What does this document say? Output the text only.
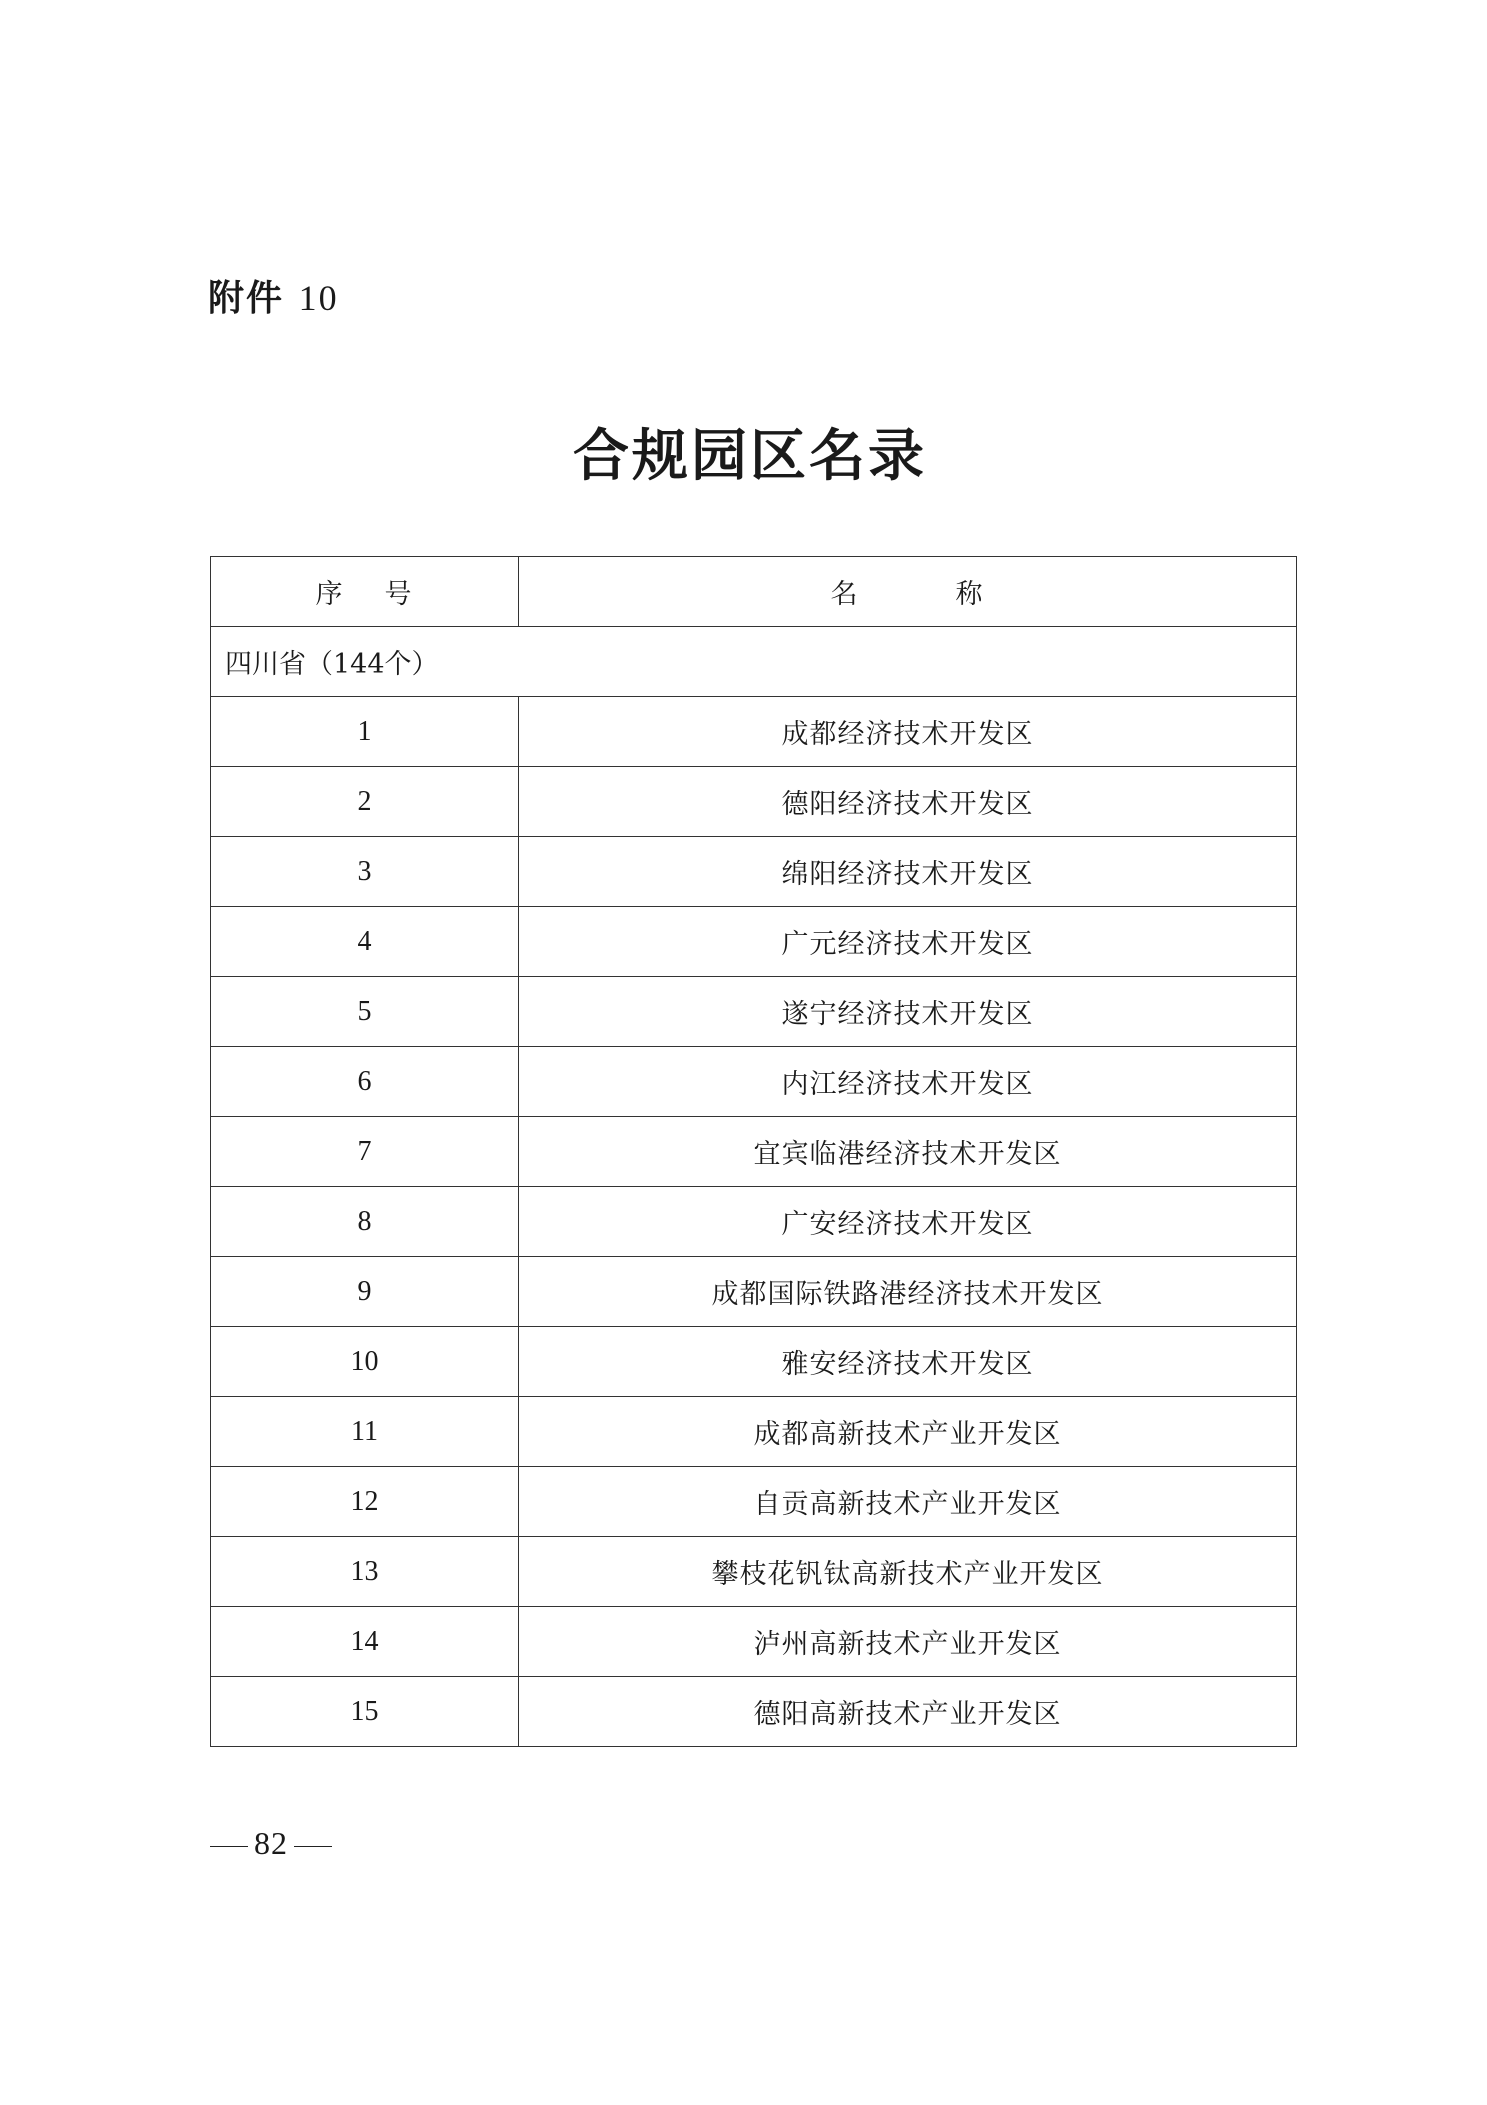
附件 10
合规园区名录
序 号	名 称
四川省（144个）	
1	成都经济技术开发区
2	德阳经济技术开发区
3	绵阳经济技术开发区
4	广元经济技术开发区
5	遂宁经济技术开发区
6	内江经济技术开发区
7	宜宾临港经济技术开发区
8	广安经济技术开发区
9	成都国际铁路港经济技术开发区
10	雅安经济技术开发区
11	成都高新技术产业开发区
12	自贡高新技术产业开发区
13	攀枝花钒钛高新技术产业开发区
14	泸州高新技术产业开发区
15	德阳高新技术产业开发区
82
